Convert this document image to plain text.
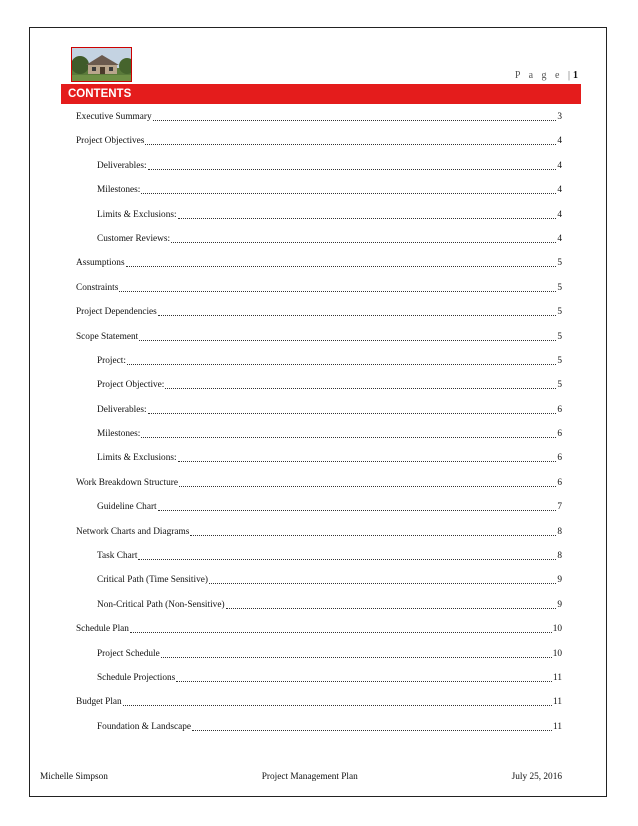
P a g e |1
CONTENTS
Executive Summary	3
Project Objectives	4
Deliverables:	4
Milestones:	4
Limits & Exclusions:	4
Customer Reviews:	4
Assumptions	5
Constraints	5
Project Dependencies	5
Scope Statement	5
Project:	5
Project Objective:	5
Deliverables:	6
Milestones:	6
Limits & Exclusions:	6
Work Breakdown Structure	6
Guideline Chart	7
Network Charts and Diagrams	8
Task Chart	8
Critical Path (Time Sensitive)	9
Non-Critical Path (Non-Sensitive)	9
Schedule Plan	10
Project Schedule	10
Schedule Projections	11
Budget Plan	11
Foundation & Landscape	11
Michelle Simpson	Project Management Plan	July 25, 2016
